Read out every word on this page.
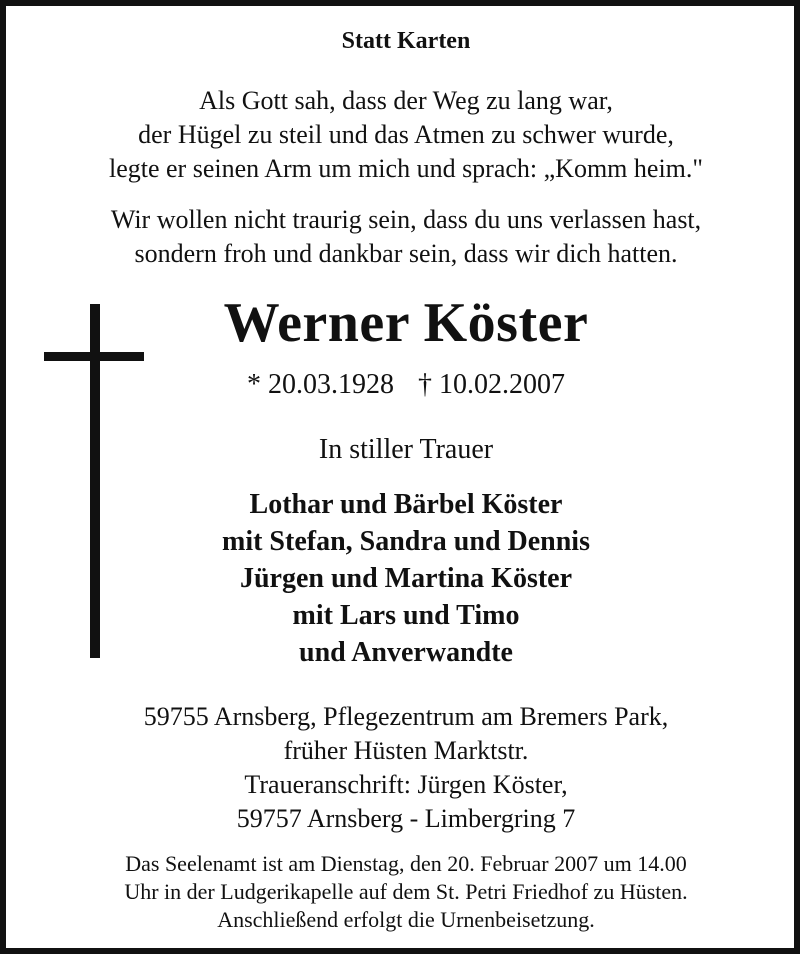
Statt Karten
Als Gott sah, dass der Weg zu lang war,
der Hügel zu steil und das Atmen zu schwer wurde,
legte er seinen Arm um mich und sprach: „Komm heim."
Wir wollen nicht traurig sein, dass du uns verlassen hast,
sondern froh und dankbar sein, dass wir dich hatten.
Werner Köster
* 20.03.1928 † 10.02.2007
In stiller Trauer
Lothar und Bärbel Köster
mit Stefan, Sandra und Dennis
Jürgen und Martina Köster
mit Lars und Timo
und Anverwandte
59755 Arnsberg, Pflegezentrum am Bremers Park,
früher Hüsten Marktstr.
Traueranschrift: Jürgen Köster,
59757 Arnsberg - Limbergring 7
Das Seelenamt ist am Dienstag, den 20. Februar 2007 um 14.00
Uhr in der Ludgerikapelle auf dem St. Petri Friedhof zu Hüsten.
Anschließend erfolgt die Urnenbeisetzung.
